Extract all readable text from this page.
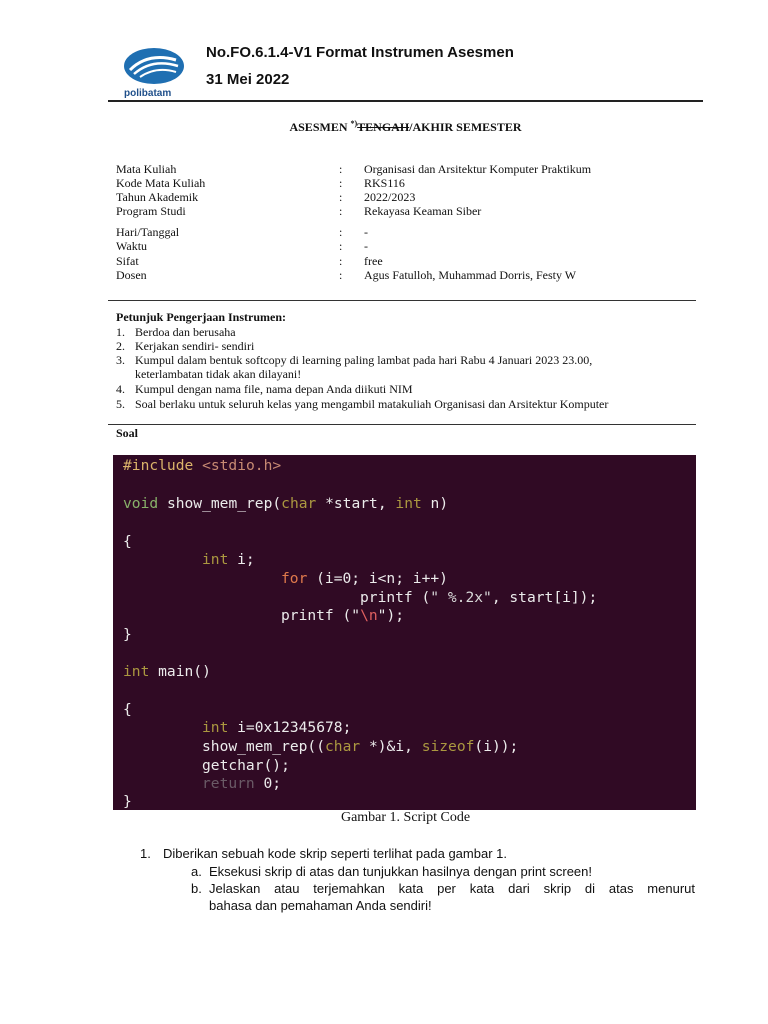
polibatam
No.FO.6.1.4-V1 Format Instrumen Asesmen
31 Mei 2022
ASESMEN *)TENGAH/AKHIR SEMESTER
Mata Kuliah	: Organisasi dan Arsitektur Komputer Praktikum
Kode Mata Kuliah	: RKS116
Tahun Akademik	: 2022/2023
Program Studi	: Rekayasa Keaman Siber
Hari/Tanggal	: -
Waktu	: -
Sifat	: free
Dosen	: Agus Fatulloh, Muhammad Dorris, Festy W
Petunjuk Pengerjaan Instrumen:
1. Berdoa dan berusaha
2. Kerjakan sendiri- sendiri
3. Kumpul dalam bentuk softcopy di learning paling lambat pada hari Rabu 4 Januari 2023 23.00,
keterlambatan tidak akan dilayani!
4. Kumpul dengan nama file, nama depan Anda diikuti NIM
5. Soal berlaku untuk seluruh kelas yang mengambil matakuliah Organisasi dan Arsitektur Komputer
Soal
#include <stdio.h>
void show_mem_rep(char *start, int n)
{
int i;
for (i=0; i<n; i++)
printf (" %.2x", start[i]);
printf ("\n");
}
int main()
{
int i=0x12345678;
show_mem_rep((char *)&i, sizeof(i));
getchar();
return 0;
}
Gambar 1. Script Code
1. Diberikan sebuah kode skrip seperti terlihat pada gambar 1.
a. Eksekusi skrip di atas dan tunjukkan hasilnya dengan print screen!
b. Jelaskan atau terjemahkan kata per kata dari skrip di atas menurut
bahasa dan pemahaman Anda sendiri!
